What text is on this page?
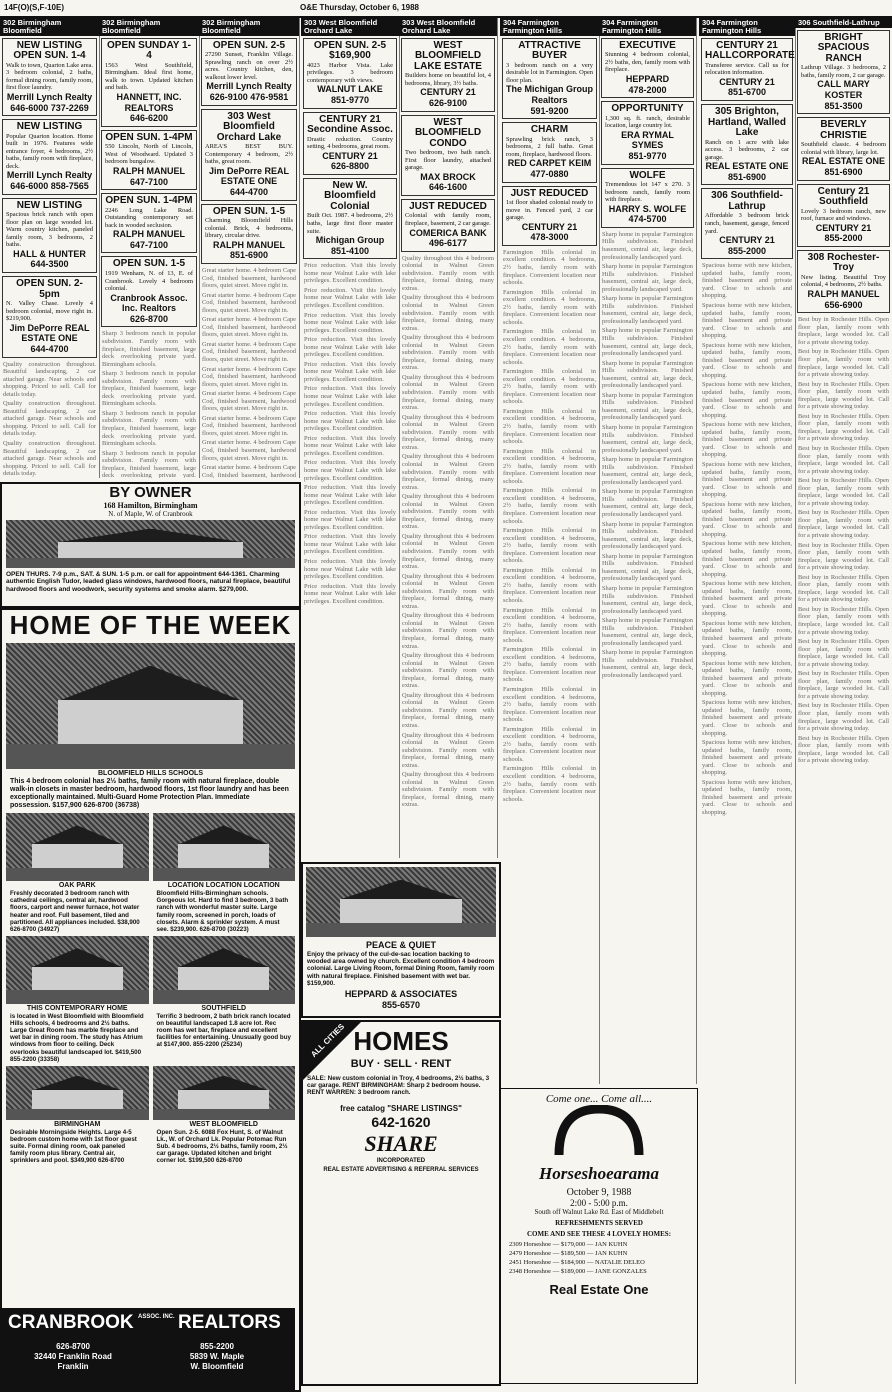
14F(O)(S,F-10E)	O&E Thursday, October 6, 1988
302 Birmingham Bloomfield
NEW LISTING OPEN SUN. 1-4
Walk to town, Quarton Lake area. 3 bedroom colonial, 2 baths, formal dining room, family room, first floor laundry.
Merrill Lynch Realty
646-6000 737-2269
NEW LISTING
Popular Quarton location. Home built in 1976. Features wide entrance foyer, 4 bedrooms, 2½ baths, family room with fireplace, deck.
Merrill Lynch Realty
646-6000 858-7565
NEW LISTING
Spacious brick ranch with open floor plan on large wooded lot. Warm country kitchen, paneled family room, 3 bedrooms, 2 baths.
HALL & HUNTER
644-3500
OPEN SUN. 2-5pm
N. Valley Chase. Lovely 4 bedroom colonial, move right in. $219,900.
Jim DePorre REAL ESTATE ONE
644-4700
Quality construction throughout. Beautiful landscaping, 2 car attached garage. Near schools and shopping. Priced to sell. Call for details today.
Quality construction throughout. Beautiful landscaping, 2 car attached garage. Near schools and shopping. Priced to sell. Call for details today.
Quality construction throughout. Beautiful landscaping, 2 car attached garage. Near schools and shopping. Priced to sell. Call for details today.
302 Birmingham Bloomfield
OPEN SUNDAY 1-4
1563 West Southfield, Birmingham. Ideal first home, walk to town. Updated kitchen and bath.
HANNETT, INC. REALTORS
646-6200
OPEN SUN. 1-4PM
550 Lincoln, North of Lincoln, West of Woodward. Updated 3 bedroom bungalow.
RALPH MANUEL
647-7100
OPEN SUN. 1-4PM
2246 Long Lake Road. Outstanding contemporary set back in wooded seclusion.
RALPH MANUEL
647-7100
OPEN SUN. 1-5
1919 Wenham, N. of 13, E. of Cranbrook. Lovely 4 bedroom colonial.
Cranbrook Assoc. Inc. Realtors
626-8700
Sharp 3 bedroom ranch in popular subdivision. Family room with fireplace, finished basement, large deck overlooking private yard. Birmingham schools.
Sharp 3 bedroom ranch in popular subdivision. Family room with fireplace, finished basement, large deck overlooking private yard. Birmingham schools.
Sharp 3 bedroom ranch in popular subdivision. Family room with fireplace, finished basement, large deck overlooking private yard. Birmingham schools.
Sharp 3 bedroom ranch in popular subdivision. Family room with fireplace, finished basement, large deck overlooking private yard.
302 Birmingham Bloomfield
OPEN SUN. 2-5
27290 Sunset, Franklin Village. Sprawling ranch on over 2½ acres. Country kitchen, den, walkout lower level.
Merrill Lynch Realty
626-9100 476-9581
303 West Bloomfield Orchard Lake
AREA'S BEST BUY. Contemporary 4 bedroom, 2½ baths, great room.
Jim DePorre REAL ESTATE ONE
644-4700
OPEN SUN. 1-5
Charming Bloomfield Hills colonial. Brick, 4 bedrooms, library, circular drive.
RALPH MANUEL
851-6900
Great starter home. 4 bedroom Cape Cod, finished basement, hardwood floors, quiet street. Move right in.
Great starter home. 4 bedroom Cape Cod, finished basement, hardwood floors, quiet street. Move right in.
Great starter home. 4 bedroom Cape Cod, finished basement, hardwood floors, quiet street. Move right in.
Great starter home. 4 bedroom Cape Cod, finished basement, hardwood floors, quiet street. Move right in.
Great starter home. 4 bedroom Cape Cod, finished basement, hardwood floors, quiet street. Move right in.
Great starter home. 4 bedroom Cape Cod, finished basement, hardwood floors, quiet street. Move right in.
Great starter home. 4 bedroom Cape Cod, finished basement, hardwood floors, quiet street. Move right in.
Great starter home. 4 bedroom Cape Cod, finished basement, hardwood floors, quiet street. Move right in.
Great starter home. 4 bedroom Cape Cod, finished basement, hardwood
303 West Bloomfield Orchard Lake
OPEN SUN. 2-5 $169,900
4023 Harbor Vista. Lake privileges. 3 bedroom contemporary with views.
WALNUT LAKE
851-9770
CENTURY 21 Secondine Assoc.
Drastic reduction. Country setting, 4 bedrooms, great room.
CENTURY 21
626-8800
New W. Bloomfield Colonial
Built Oct. 1987. 4 bedrooms, 2½ baths, large first floor master suite.
Michigan Group
851-4100
Price reduction. Visit this lovely home near Walnut Lake with lake privileges. Excellent condition.
Price reduction. Visit this lovely home near Walnut Lake with lake privileges. Excellent condition.
Price reduction. Visit this lovely home near Walnut Lake with lake privileges. Excellent condition.
Price reduction. Visit this lovely home near Walnut Lake with lake privileges. Excellent condition.
Price reduction. Visit this lovely home near Walnut Lake with lake privileges. Excellent condition.
Price reduction. Visit this lovely home near Walnut Lake with lake privileges. Excellent condition.
Price reduction. Visit this lovely home near Walnut Lake with lake privileges. Excellent condition.
Price reduction. Visit this lovely home near Walnut Lake with lake privileges. Excellent condition.
Price reduction. Visit this lovely home near Walnut Lake with lake privileges. Excellent condition.
Price reduction. Visit this lovely home near Walnut Lake with lake privileges. Excellent condition.
Price reduction. Visit this lovely home near Walnut Lake with lake privileges. Excellent condition.
Price reduction. Visit this lovely home near Walnut Lake with lake privileges. Excellent condition.
Price reduction. Visit this lovely home near Walnut Lake with lake privileges. Excellent condition.
Price reduction. Visit this lovely home near Walnut Lake with lake privileges. Excellent condition.
303 West Bloomfield Orchard Lake
WEST BLOOMFIELD LAKE ESTATE
Builders home on beautiful lot, 4 bedrooms, library, 3½ baths.
CENTURY 21
626-9100
WEST BLOOMFIELD CONDO
Two bedroom, two bath ranch. First floor laundry, attached garage.
MAX BROCK
646-1600
JUST REDUCED
Colonial with family room, fireplace, basement, 2 car garage.
COMERICA BANK
496-6177
Quality throughout this 4 bedroom colonial in Walnut Green subdivision. Family room with fireplace, formal dining, many extras.
Quality throughout this 4 bedroom colonial in Walnut Green subdivision. Family room with fireplace, formal dining, many extras.
Quality throughout this 4 bedroom colonial in Walnut Green subdivision. Family room with fireplace, formal dining, many extras.
Quality throughout this 4 bedroom colonial in Walnut Green subdivision. Family room with fireplace, formal dining, many extras.
Quality throughout this 4 bedroom colonial in Walnut Green subdivision. Family room with fireplace, formal dining, many extras.
Quality throughout this 4 bedroom colonial in Walnut Green subdivision. Family room with fireplace, formal dining, many extras.
Quality throughout this 4 bedroom colonial in Walnut Green subdivision. Family room with fireplace, formal dining, many extras.
Quality throughout this 4 bedroom colonial in Walnut Green subdivision. Family room with fireplace, formal dining, many extras.
Quality throughout this 4 bedroom colonial in Walnut Green subdivision. Family room with fireplace, formal dining, many extras.
Quality throughout this 4 bedroom colonial in Walnut Green subdivision. Family room with fireplace, formal dining, many extras.
Quality throughout this 4 bedroom colonial in Walnut Green subdivision. Family room with fireplace, formal dining, many extras.
Quality throughout this 4 bedroom colonial in Walnut Green subdivision. Family room with fireplace, formal dining, many extras.
Quality throughout this 4 bedroom colonial in Walnut Green subdivision. Family room with fireplace, formal dining, many extras.
Quality throughout this 4 bedroom colonial in Walnut Green subdivision. Family room with fireplace, formal dining, many extras.
304 Farmington Farmington Hills
ATTRACTIVE BUYER
3 bedroom ranch on a very desirable lot in Farmington. Open floor plan.
The Michigan Group Realtors
591-9200
CHARM
Sprawling brick ranch, 3 bedrooms, 2 full baths. Great room, fireplace, hardwood floors.
RED CARPET KEIM
477-0880
JUST REDUCED
1st floor shaded colonial ready to move in. Fenced yard, 2 car garage.
CENTURY 21
478-3000
Farmington Hills colonial in excellent condition. 4 bedrooms, 2½ baths, family room with fireplace. Convenient location near schools.
Farmington Hills colonial in excellent condition. 4 bedrooms, 2½ baths, family room with fireplace. Convenient location near schools.
Farmington Hills colonial in excellent condition. 4 bedrooms, 2½ baths, family room with fireplace. Convenient location near schools.
Farmington Hills colonial in excellent condition. 4 bedrooms, 2½ baths, family room with fireplace. Convenient location near schools.
Farmington Hills colonial in excellent condition. 4 bedrooms, 2½ baths, family room with fireplace. Convenient location near schools.
Farmington Hills colonial in excellent condition. 4 bedrooms, 2½ baths, family room with fireplace. Convenient location near schools.
Farmington Hills colonial in excellent condition. 4 bedrooms, 2½ baths, family room with fireplace. Convenient location near schools.
Farmington Hills colonial in excellent condition. 4 bedrooms, 2½ baths, family room with fireplace. Convenient location near schools.
Farmington Hills colonial in excellent condition. 4 bedrooms, 2½ baths, family room with fireplace. Convenient location near schools.
Farmington Hills colonial in excellent condition. 4 bedrooms, 2½ baths, family room with fireplace. Convenient location near schools.
Farmington Hills colonial in excellent condition. 4 bedrooms, 2½ baths, family room with fireplace. Convenient location near schools.
Farmington Hills colonial in excellent condition. 4 bedrooms, 2½ baths, family room with fireplace. Convenient location near schools.
Farmington Hills colonial in excellent condition. 4 bedrooms, 2½ baths, family room with fireplace. Convenient location near schools.
Farmington Hills colonial in excellent condition. 4 bedrooms, 2½ baths, family room with fireplace. Convenient location near schools.
304 Farmington Farmington Hills
EXECUTIVE
Stunning 4 bedroom colonial, 2½ baths, den, family room with fireplace.
HEPPARD
478-2000
OPPORTUNITY
1,300 sq. ft. ranch, desirable location, large country lot.
ERA RYMAL SYMES
851-9770
WOLFE
Tremendous lot 147 x 270. 3 bedroom ranch, family room with fireplace.
HARRY S. WOLFE
474-5700
Sharp home in popular Farmington Hills subdivision. Finished basement, central air, large deck, professionally landscaped yard.
Sharp home in popular Farmington Hills subdivision. Finished basement, central air, large deck, professionally landscaped yard.
Sharp home in popular Farmington Hills subdivision. Finished basement, central air, large deck, professionally landscaped yard.
Sharp home in popular Farmington Hills subdivision. Finished basement, central air, large deck, professionally landscaped yard.
Sharp home in popular Farmington Hills subdivision. Finished basement, central air, large deck, professionally landscaped yard.
Sharp home in popular Farmington Hills subdivision. Finished basement, central air, large deck, professionally landscaped yard.
Sharp home in popular Farmington Hills subdivision. Finished basement, central air, large deck, professionally landscaped yard.
Sharp home in popular Farmington Hills subdivision. Finished basement, central air, large deck, professionally landscaped yard.
Sharp home in popular Farmington Hills subdivision. Finished basement, central air, large deck, professionally landscaped yard.
Sharp home in popular Farmington Hills subdivision. Finished basement, central air, large deck, professionally landscaped yard.
Sharp home in popular Farmington Hills subdivision. Finished basement, central air, large deck, professionally landscaped yard.
Sharp home in popular Farmington Hills subdivision. Finished basement, central air, large deck, professionally landscaped yard.
Sharp home in popular Farmington Hills subdivision. Finished basement, central air, large deck, professionally landscaped yard.
Sharp home in popular Farmington Hills subdivision. Finished basement, central air, large deck, professionally landscaped yard.
304 Farmington Farmington Hills
CENTURY 21 HALLCORPORATE
Transferee service. Call us for relocation information.
CENTURY 21
851-6700
305 Brighton, Hartland, Walled Lake
Ranch on 1 acre with lake access. 3 bedrooms, 2 car garage.
REAL ESTATE ONE
851-6900
306 Southfield-Lathrup
Affordable 3 bedroom brick ranch, basement, garage, fenced yard.
CENTURY 21
855-2000
Spacious home with new kitchen, updated baths, family room, finished basement and private yard. Close to schools and shopping.
Spacious home with new kitchen, updated baths, family room, finished basement and private yard. Close to schools and shopping.
Spacious home with new kitchen, updated baths, family room, finished basement and private yard. Close to schools and shopping.
Spacious home with new kitchen, updated baths, family room, finished basement and private yard. Close to schools and shopping.
Spacious home with new kitchen, updated baths, family room, finished basement and private yard. Close to schools and shopping.
Spacious home with new kitchen, updated baths, family room, finished basement and private yard. Close to schools and shopping.
Spacious home with new kitchen, updated baths, family room, finished basement and private yard. Close to schools and shopping.
Spacious home with new kitchen, updated baths, family room, finished basement and private yard. Close to schools and shopping.
Spacious home with new kitchen, updated baths, family room, finished basement and private yard. Close to schools and shopping.
Spacious home with new kitchen, updated baths, family room, finished basement and private yard. Close to schools and shopping.
Spacious home with new kitchen, updated baths, family room, finished basement and private yard. Close to schools and shopping.
Spacious home with new kitchen, updated baths, family room, finished basement and private yard. Close to schools and shopping.
Spacious home with new kitchen, updated baths, family room, finished basement and private yard. Close to schools and shopping.
Spacious home with new kitchen, updated baths, family room, finished basement and private yard. Close to schools and shopping.
306 Southfield-Lathrup
BRIGHT SPACIOUS RANCH
Lathrup Village. 3 bedrooms, 2 baths, family room, 2 car garage.
CALL MARY KOSTER
851-3500
BEVERLY CHRISTIE
Southfield classic. 4 bedroom colonial with library, large lot.
REAL ESTATE ONE
851-6900
Century 21 Southfield
Lovely 3 bedroom ranch, new roof, furnace and windows.
CENTURY 21
855-2000
308 Rochester-Troy
New listing. Beautiful Troy colonial, 4 bedrooms, 2½ baths.
RALPH MANUEL
656-6900
Best buy in Rochester Hills. Open floor plan, family room with fireplace, large wooded lot. Call for a private showing today.
Best buy in Rochester Hills. Open floor plan, family room with fireplace, large wooded lot. Call for a private showing today.
Best buy in Rochester Hills. Open floor plan, family room with fireplace, large wooded lot. Call for a private showing today.
Best buy in Rochester Hills. Open floor plan, family room with fireplace, large wooded lot. Call for a private showing today.
Best buy in Rochester Hills. Open floor plan, family room with fireplace, large wooded lot. Call for a private showing today.
Best buy in Rochester Hills. Open floor plan, family room with fireplace, large wooded lot. Call for a private showing today.
Best buy in Rochester Hills. Open floor plan, family room with fireplace, large wooded lot. Call for a private showing today.
Best buy in Rochester Hills. Open floor plan, family room with fireplace, large wooded lot. Call for a private showing today.
Best buy in Rochester Hills. Open floor plan, family room with fireplace, large wooded lot. Call for a private showing today.
Best buy in Rochester Hills. Open floor plan, family room with fireplace, large wooded lot. Call for a private showing today.
Best buy in Rochester Hills. Open floor plan, family room with fireplace, large wooded lot. Call for a private showing today.
Best buy in Rochester Hills. Open floor plan, family room with fireplace, large wooded lot. Call for a private showing today.
Best buy in Rochester Hills. Open floor plan, family room with fireplace, large wooded lot. Call for a private showing today.
Best buy in Rochester Hills. Open floor plan, family room with fireplace, large wooded lot. Call for a private showing today.
BY OWNER
168 Hamilton, Birmingham
N. of Maple, W. of Cranbrook
OPEN THURS. 7-9 p.m., SAT. & SUN. 1-5 p.m. or call for appointment 644-1361. Charming authentic English Tudor, leaded glass windows, hardwood floors, natural fireplace, beautiful hardwood floors and woodwork, security systems and smoke alarm. $279,000.
HOME OF THE WEEK
BLOOMFIELD HILLS SCHOOLS
This 4 bedroom colonial has 2½ baths, family room with natural fireplace, double walk-in closets in master bedroom, hardwood floors, 1st floor laundry and has been exceptionally maintained. Multi-Guard Home Protection Plan. Immediate possession. $157,900 626-8700 (36738)
OAK PARK
Freshly decorated 3 bedroom ranch with cathedral ceilings, central air, hardwood floors, carport and newer furnace, hot water heater and roof. Full basement, tiled and partitioned. All appliances included. $38,900 626-8700 (34927)
LOCATION LOCATION LOCATION
Bloomfield Hills-Birmingham schools. Gorgeous lot. Hard to find 3 bedroom, 3 bath ranch with wonderful master suite. Large family room, screened in porch, loads of closets. Alarm & sprinkler system. A must see. $239,900. 626-8700 (30223)
THIS CONTEMPORARY HOME
is located in West Bloomfield with Bloomfield Hills schools, 4 bedrooms and 2½ baths. Large Great Room has marble fireplace and wet bar in dining room. The study has Atrium windows from floor to ceiling. Deck overlooks beautiful landscaped lot. $419,500 855-2200 (33358)
SOUTHFIELD
Terrific 3 bedroom, 2 bath brick ranch located on beautiful landscaped 1.8 acre lot. Rec room has wet bar, fireplace and excellent facilities for entertaining. Unusually good buy at $147,900. 855-2200 (25234)
BIRMINGHAM
Desirable Morningside Heights. Large 4-5 bedroom custom home with 1st floor guest suite. Formal dining room, oak paneled family room plus library. Central air, sprinklers and pool. $349,900 626-8700
WEST BLOOMFIELD
Open Sun. 2-5. 6088 Fox Hunt, S. of Walnut Lk., W. of Orchard Lk. Popular Potomac Run Sub. 4 bedrooms, 2½ baths, family room, 2½ car garage. Updated kitchen and bright corner lot. $199,500 626-8700
CRANBROOK ASSOC. INC. REALTORS
626-8700
32440 Franklin Road
Franklin
855-2200
5839 W. Maple
W. Bloomfield
PEACE & QUIET
Enjoy the privacy of the cul-de-sac location backing to wooded area owned by church. Excellent condition 4 bedroom colonial. Large Living Room, formal Dining Room, family room with natural fireplace. Finished basement with wet bar. $159,900.
HEPPARD & ASSOCIATES
855-6570
ALL CITIES HOMES
BUY · SELL · RENT
SALE: New custom colonial in Troy, 4 bedrooms, 2½ baths, 3 car garage. RENT BIRMINGHAM: Sharp 2 bedroom house. RENT WARREN: 3 bedroom ranch.
free catalog "SHARE LISTINGS"
642-1620
SHARE
INCORPORATED
REAL ESTATE ADVERTISING & REFERRAL SERVICES
Come one... Come all....
Horseshoearama
October 9, 1988
2:00 - 5:00 p.m.
South off Walnut Lake Rd. East of Middlebelt
REFRESHMENTS SERVED
COME AND SEE THESE 4 LOVELY HOMES:
2309 Horseshoe — $179,000 — JAN KUHN
2479 Horseshoe — $189,500 — JAN KUHN
2451 Horseshoe — $184,900 — NATALIE DELEO
2348 Horseshoe — $189,000 — JANE GONZALES
Real Estate One
